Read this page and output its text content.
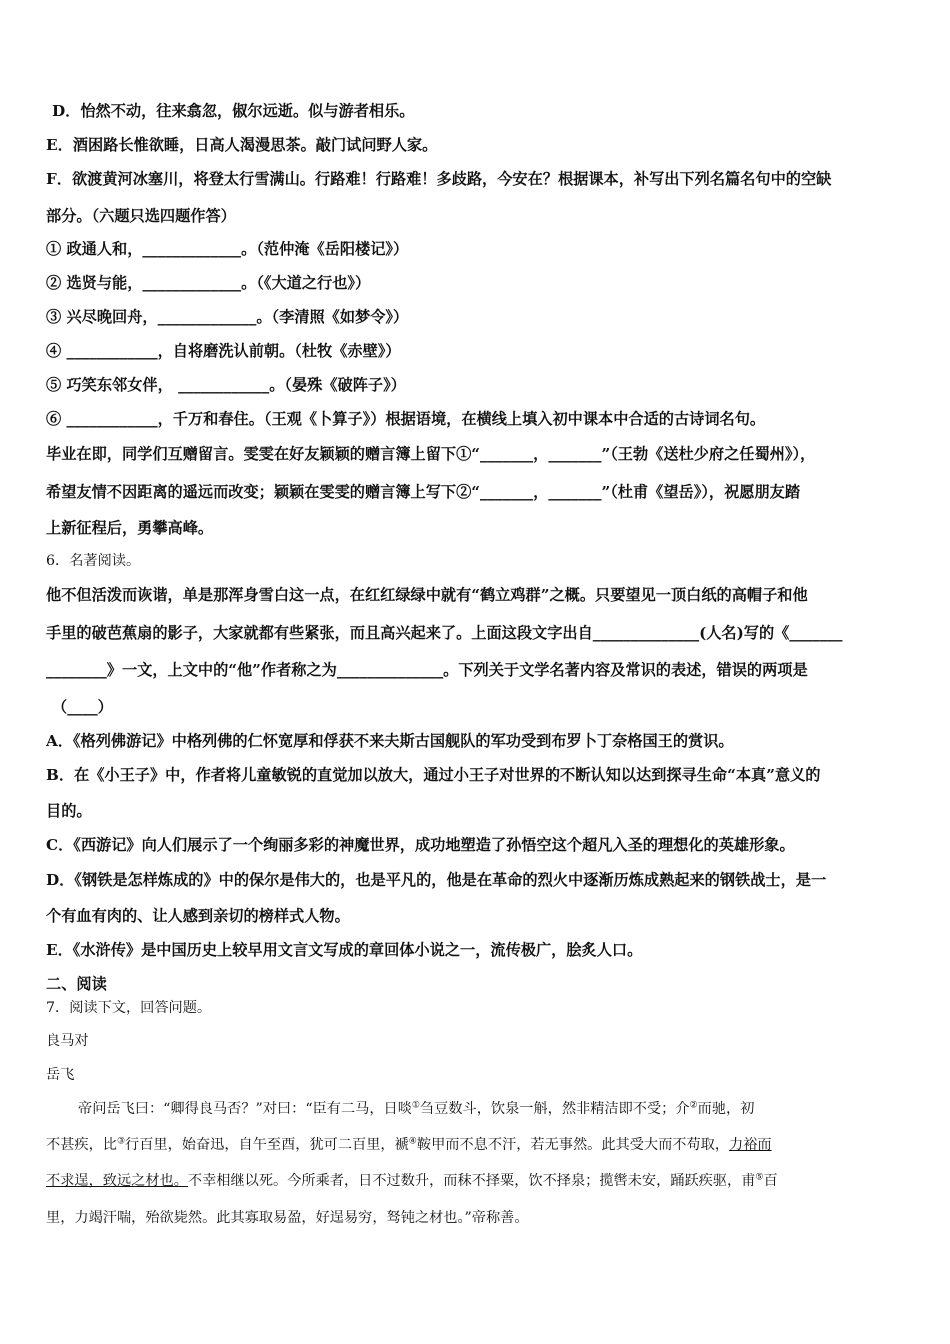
D．怡然不动，往来翕忽，俶尔远逝。似与游者相乐。
E．酒困路长惟欲睡，日高人渴漫思茶。敲门试问野人家。
F．欲渡黄河冰塞川，将登太行雪满山。行路难！行路难！多歧路，今安在？根据课本，补写出下列名篇名句中的空缺
部分。（六题只选四题作答）
① 政通人和，_____________。（范仲淹《岳阳楼记》）
② 选贤与能，_____________。（《大道之行也》）
③ 兴尽晚回舟，_____________。（李清照《如梦令》）
④ ____________，自将磨洗认前朝。（杜牧《赤壁》）
⑤ 巧笑东邻女伴， ____________。（晏殊《破阵子》）
⑥ ____________，千万和春住。（王观《卜算子》）根据语境，在横线上填入初中课本中合适的古诗词名句。
毕业在即，同学们互赠留言。雯雯在好友颖颖的赠言簿上留下①“_______，_______”（王勃《送杜少府之任蜀州》），
希望友情不因距离的遥远而改变；颖颖在雯雯的赠言簿上写下②“_______，_______”（杜甫《望岳》），祝愿朋友踏
上新征程后，勇攀高峰。
6．名著阅读。
他不但活泼而诙谐，单是那浑身雪白这一点，在红红绿绿中就有“鹤立鸡群”之概。只要望见一顶白纸的高帽子和他
手里的破芭蕉扇的影子，大家就都有些紧张，而且高兴起来了。上面这段文字出自______________(人名)写的《_______
________》一文，上文中的“他”作者称之为______________。下列关于文学名著内容及常识的表述，错误的两项是
（____）
A．《格列佛游记》中格列佛的仁怀宽厚和俘获不来夫斯古国舰队的军功受到布罗卜丁奈格国王的赏识。
B．在《小王子》中，作者将儿童敏锐的直觉加以放大，通过小王子对世界的不断认知以达到探寻生命“本真”意义的
目的。
C．《西游记》向人们展示了一个绚丽多彩的神魔世界，成功地塑造了孙悟空这个超凡入圣的理想化的英雄形象。
D．《钢铁是怎样炼成的》中的保尔是伟大的，也是平凡的，他是在革命的烈火中逐渐历炼成熟起来的钢铁战士，是一
个有血有肉的、让人感到亲切的榜样式人物。
E．《水浒传》是中国历史上较早用文言文写成的章回体小说之一，流传极广，脍炙人口。
二、阅读
7．阅读下文，回答问题。
良马对
岳飞
帝问岳飞曰：“卿得良马否？”对曰：“臣有二马，日啖①刍豆数斗，饮泉一斛，然非精洁即不受；介②而驰，初
不甚疾，比③行百里，始奋迅，自午至酉，犹可二百里，褫④鞍甲而不息不汗，若无事然。此其受大而不苟取，力裕而
不求逞，致远之材也。不幸相继以死。今所乘者，日不过数升，而秣不择粟，饮不择泉；揽辔未安，踊跃疾驱，甫⑤百
里，力竭汗喘，殆欲毙然。此其寡取易盈，好逞易穷，驽钝之材也。”帝称善。
